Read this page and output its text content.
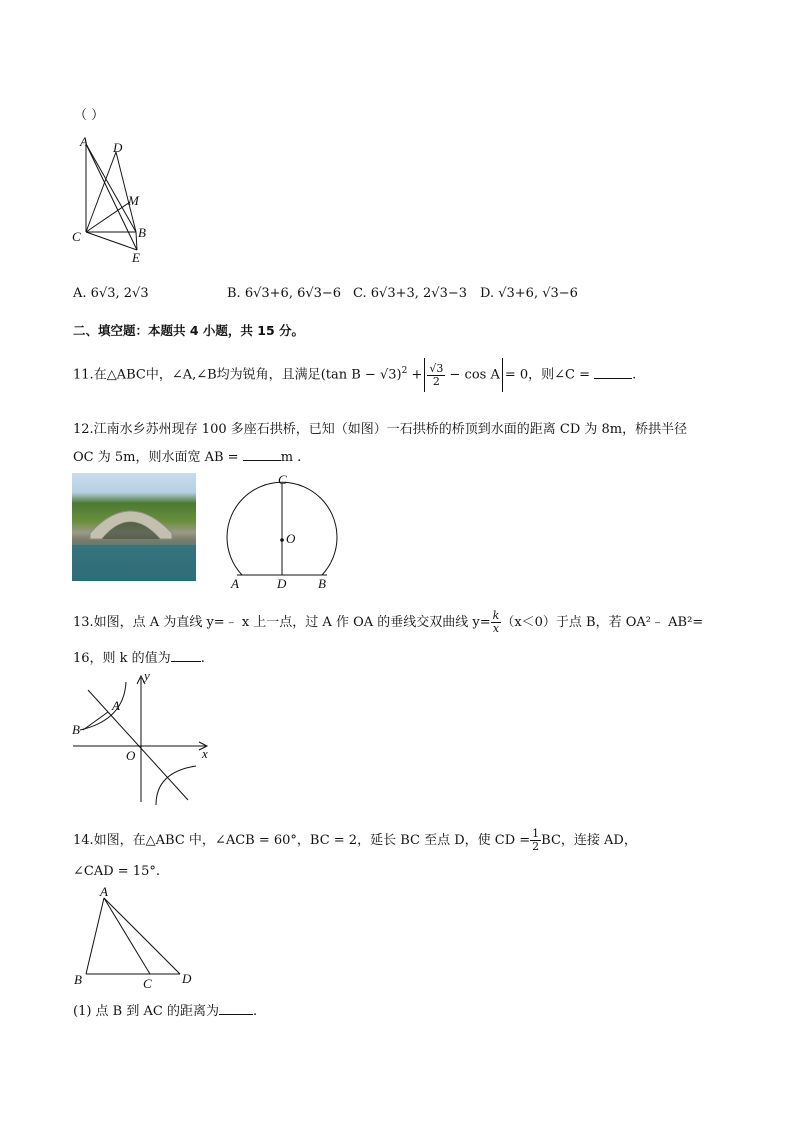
（ ）
A D
M
C	B
E
A. 6√3, 2√3	B. 6√3+6, 6√3−6 C. 6√3+3, 2√3−3 D. √3+6, √3−6
二、填空题：本题共 4 小题，共 15 分。
11.在△ABC中，∠A,∠B均为锐角，且满足(tan $B - √3)^2 + \frac{√3}{2} - \cos A = 0$，则∠C =	.
12.江南水乡苏州现存 100 多座石拱桥，已知（如图）一石拱桥的桥顶到水面的距离 CD 为 8m，桥拱半径
OC 为 5m，则水面宽 AB =	m .
C
O
A	D B
13.如图，点 A 为直线 y=﹣ x 上一点，过 A 作 OA 的垂线交双曲线 $y= \frac{k}{x} (x<0)$于点 B，若 OA²﹣ AB²=
16，则 k 的值为 .
y
A
B
O	x
14.如图，在△ABC 中，∠ACB = 60°，BC = 2，延长 BC 至点 D，使 CD = $\frac{1}{2}$ BC，连接 AD，
∠CAD = 15°.
A
B	C D
(1) 点 B 到 AC 的距离为	.
